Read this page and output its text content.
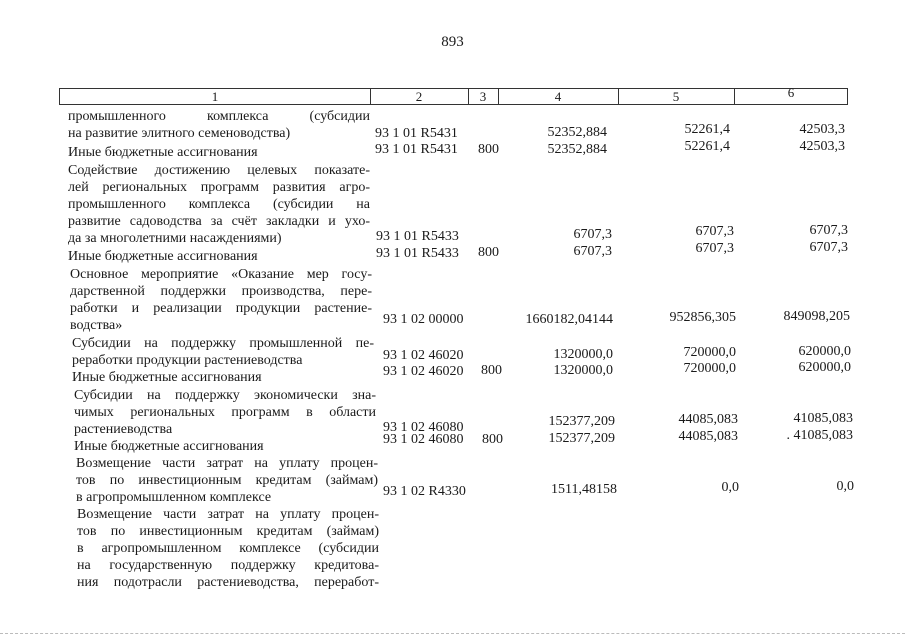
893
1	2	3	4	5	6
промышленного комплекса (субсидии
на развитие элитного семеноводства)	93 1 01 R5431	52352,884	52261,4	42503,3
Иные бюджетные ассигнования	93 1 01 R5431 800	52352,884	52261,4	42503,3
Содействие достижению целевых показате-
лей региональных программ развития агро-
промышленного комплекса (субсидии на
развитие садоводства за счёт закладки и ухо-
да за многолетними насаждениями)	93 1 01 R5433	6707,3	6707,3	6707,3
Иные бюджетные ассигнования	93 1 01 R5433 800	6707,3	6707,3	6707,3
Основное мероприятие «Оказание мер госу-
дарственной поддержки производства, пере-
работки и реализации продукции растение-
водства»	93 1 02 00000	1660182,04144	952856,305	849098,205
Субсидии на поддержку промышленной пе-
реработки продукции растениеводства	93 1 02 46020	1320000,0	720000,0	620000,0
Иные бюджетные ассигнования	93 1 02 46020 800	1320000,0	720000,0	620000,0
Субсидии на поддержку экономически зна-
чимых региональных программ в области
растениеводства	93 1 02 46080	152377,209	44085,083	41085,083
Иные бюджетные ассигнования	93 1 02 46080 800	152377,209	44085,083	. 41085,083
Возмещение части затрат на уплату процен-
тов по инвестиционным кредитам (займам)
в агропромышленном комплексе	93 1 02 R4330	1511,48158	0,0	0,0
Возмещение части затрат на уплату процен-
тов по инвестиционным кредитам (займам)
в агропромышленном комплексе (субсидии
на государственную поддержку кредитова-
ния подотрасли растениеводства, переработ-
